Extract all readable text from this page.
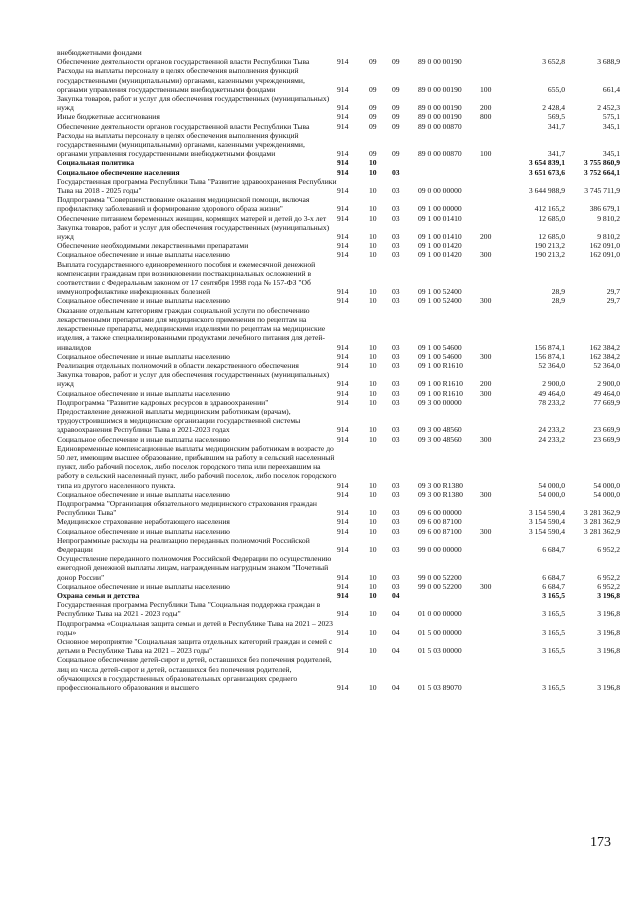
внебюджетными фондами							
Обеспечение деятельности органов государственной власти Республики Тыва	914	09	09	89 0 00 00190		3 652,8	3 688,9
Расходы на выплаты персоналу в целях обеспечения выполнения функций государственными (муниципальными) органами, казенными учреждениями, органами управления государственными внебюджетными фондами	914	09	09	89 0 00 00190	100	655,0	661,4
Закупка товаров, работ и услуг для обеспечения государственных (муниципальных) нужд	914	09	09	89 0 00 00190	200	2 428,4	2 452,3
Иные бюджетные ассигнования	914	09	09	89 0 00 00190	800	569,5	575,1
Обеспечение деятельности органов государственной власти Республики Тыва	914	09	09	89 0 00 00870		341,7	345,1
Расходы на выплаты персоналу в целях обеспечения выполнения функций государственными (муниципальными) органами, казенными учреждениями, органами управления государственными внебюджетными фондами	914	09	09	89 0 00 00870	100	341,7	345,1
Социальная политика	914	10				3 654 839,1	3 755 860,9
Социальное обеспечение населения	914	10	03			3 651 673,6	3 752 664,1
Государственная программа Республики Тыва "Развитие здравоохранения Республики Тыва на 2018 - 2025 годы"	914	10	03	09 0 00 00000		3 644 988,9	3 745 711,9
Подпрограмма "Совершенствование оказания медицинской помощи, включая профилактику заболеваний и формирование здорового образа жизни"	914	10	03	09 1 00 00000		412 165,2	386 679,1
Обеспечение питанием беременных женщин, кормящих матерей и детей до 3-х лет	914	10	03	09 1 00 01410		12 685,0	9 810,2
Закупка товаров, работ и услуг для обеспечения государственных (муниципальных) нужд	914	10	03	09 1 00 01410	200	12 685,0	9 810,2
Обеспечение необходимыми лекарственными препаратами	914	10	03	09 1 00 01420		190 213,2	162 091,0
Социальное обеспечение и иные выплаты населению	914	10	03	09 1 00 01420	300	190 213,2	162 091,0
Выплата государственного единовременного пособия и ежемесячной денежной компенсации гражданам при возникновении поствакцинальных осложнений в соответствии с Федеральным законом от 17 сентября 1998 года № 157-ФЗ "Об иммунопрофилактике инфекционных болезней	914	10	03	09 1 00 52400		28,9	29,7
Социальное обеспечение и иные выплаты населению	914	10	03	09 1 00 52400	300	28,9	29,7
Оказание отдельным категориям граждан социальной услуги по обеспечению лекарственными препаратами для медицинского применения по рецептам на лекарственные препараты, медицинскими изделиями по рецептам на медицинские изделия, а также специализированными продуктами лечебного питания для детей-инвалидов	914	10	03	09 1 00 54600		156 874,1	162 384,2
Социальное обеспечение и иные выплаты населению	914	10	03	09 1 00 54600	300	156 874,1	162 384,2
Реализация отдельных полномочий в области лекарственного обеспечения	914	10	03	09 1 00 R1610		52 364,0	52 364,0
Закупка товаров, работ и услуг для обеспечения государственных (муниципальных) нужд	914	10	03	09 1 00 R1610	200	2 900,0	2 900,0
Социальное обеспечение и иные выплаты населению	914	10	03	09 1 00 R1610	300	49 464,0	49 464,0
Подпрограмма "Развитие кадровых ресурсов в здравоохранении"	914	10	03	09 3 00 00000		78 233,2	77 669,9
Предоставление денежной выплаты медицинским работникам (врачам), трудоустроившимся в медицинские организации государственной системы здравоохранения Республики Тыва в 2021-2023 годах	914	10	03	09 3 00 48560		24 233,2	23 669,9
Социальное обеспечение и иные выплаты населению	914	10	03	09 3 00 48560	300	24 233,2	23 669,9
Единовременные компенсационные выплаты медицинским работникам в возрасте до 50 лет, имеющим высшее образование, прибывшим на работу в сельский населенный пункт, либо рабочий поселок, либо поселок городского типа или переехавшим на работу в сельский населенный пункт, либо рабочий поселок, либо поселок городского типа из другого населенного пункта.	914	10	03	09 3 00 R1380		54 000,0	54 000,0
Социальное обеспечение и иные выплаты населению	914	10	03	09 3 00 R1380	300	54 000,0	54 000,0
Подпрограмма "Организация обязательного медицинского страхования граждан Республики Тыва"	914	10	03	09 6 00 00000		3 154 590,4	3 281 362,9
Медицинское страхование неработающего населения	914	10	03	09 6 00 87100		3 154 590,4	3 281 362,9
Социальное обеспечение и иные выплаты населению	914	10	03	09 6 00 87100	300	3 154 590,4	3 281 362,9
Непрограммные расходы на реализацию переданных полномочий Российской Федерации	914	10	03	99 0 00 00000		6 684,7	6 952,2
Осуществление переданного полномочия Российской Федерации по осуществлению ежегодной денежной выплаты лицам, награжденным нагрудным знаком "Почетный донор России"	914	10	03	99 0 00 52200		6 684,7	6 952,2
Социальное обеспечение и иные выплаты населению	914	10	03	99 0 00 52200	300	6 684,7	6 952,2
Охрана семьи и детства	914	10	04			3 165,5	3 196,8
Государственная программа Республики Тыва "Социальная поддержка граждан в Республике Тыва на 2021 - 2023 годы"	914	10	04	01 0 00 00000		3 165,5	3 196,8
Подпрограмма «Социальная защита семьи и детей в Республике Тыва на 2021 – 2023 годы»	914	10	04	01 5 00 00000		3 165,5	3 196,8
Основное мероприятие "Социальная защита отдельных категорий граждан и семей с детьми в Республике Тыва на 2021 – 2023 годы"	914	10	04	01 5 03 00000		3 165,5	3 196,8
Социальное обеспечение детей-сирот и детей, оставшихся без попечения родителей, лиц из числа детей-сирот и детей, оставшихся без попечения родителей, обучающихся в государственных образовательных организациях среднего профессионального образования и высшего	914	10	04	01 5 03 89070		3 165,5	3 196,8
173
